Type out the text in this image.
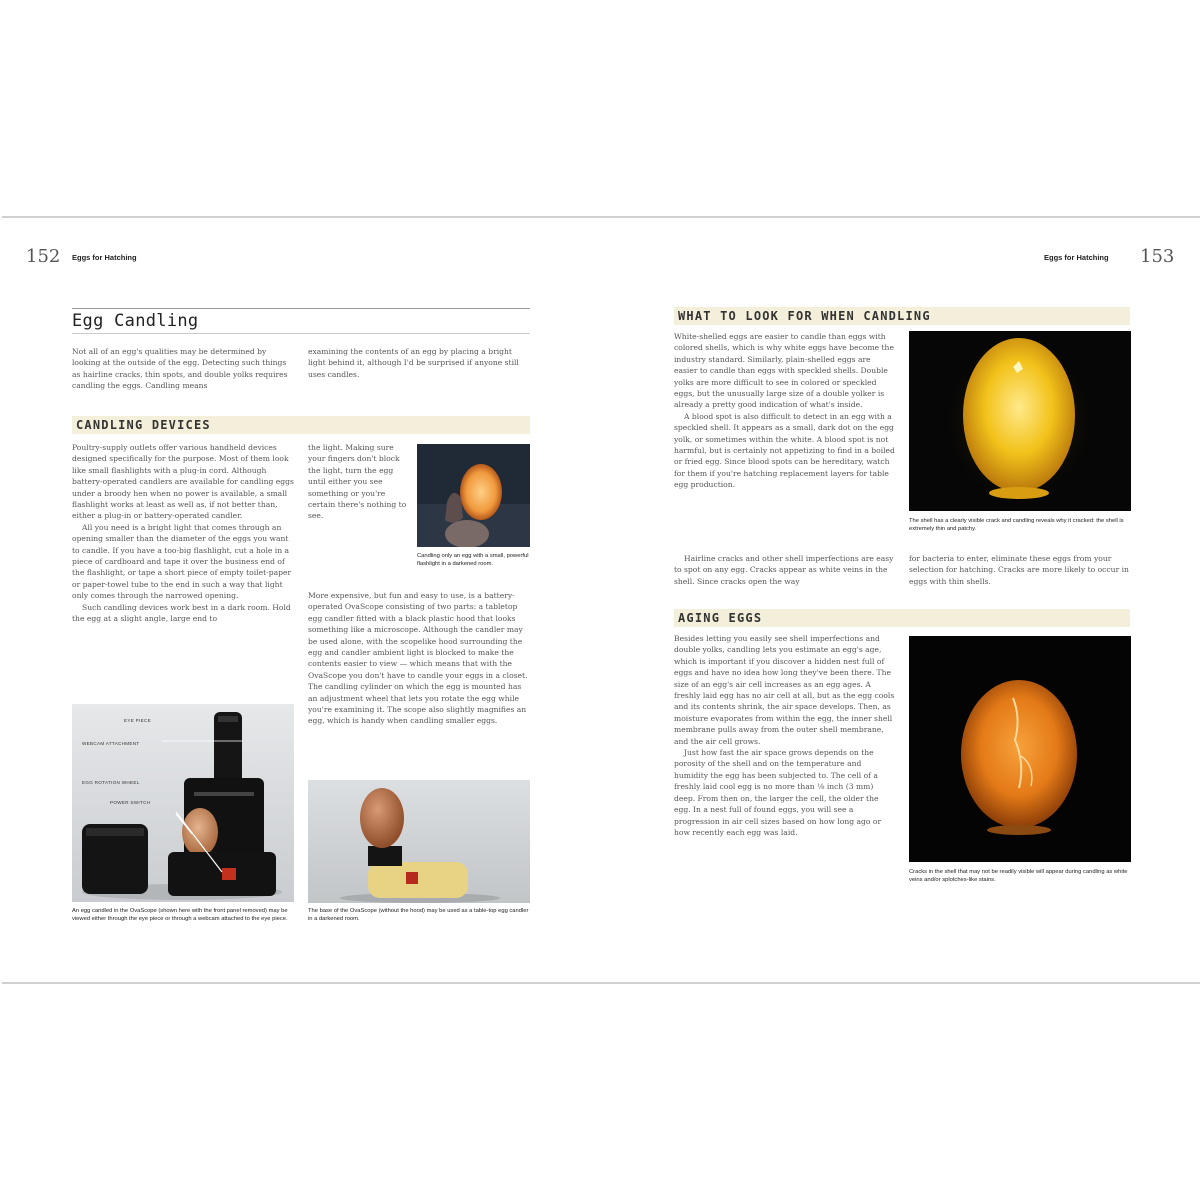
152 Eggs for Hatching
Egg Candling

Not all of an egg's qualities may be determined by looking at the outside of the egg. Detecting such things as hairline cracks, thin spots, and double yolks requires candling the eggs. Candling means

examining the contents of an egg by placing a bright light behind it, although I'd be surprised if anyone still uses candles.

CANDLING DEVICES

Poultry-supply outlets offer various handheld devices designed specifically for the purpose. Most of them look like small flashlights with a plug-in cord. Although battery-operated candlers are available for candling eggs under a broody hen when no power is available, a small flashlight works at least as well as, if not better than, either a plug-in or battery-operated candler.

All you need is a bright light that comes through an opening smaller than the diameter of the eggs you want to candle. If you have a too-big flashlight, cut a hole in a piece of cardboard and tape it over the business end of the flashlight, or tape a short piece of empty toilet-paper or paper-towel tube to the end in such a way that light only comes through the narrowed opening.

Such candling devices work best in a dark room. Hold the egg at a slight angle, large end to

the light. Making sure your fingers don't block the light, turn the egg until either you see something or you're certain there's nothing to see.

More expensive, but fun and easy to use, is a battery-operated OvaScope consisting of two parts: a tabletop egg candler fitted with a black plastic hood that looks something like a microscope. Although the candler may be used alone, with the scopelike hood surrounding the egg and candler ambient light is blocked to make the contents easier to view — which means that with the OvaScope you don't have to candle your eggs in a closet. The candling cylinder on which the egg is mounted has an adjustment wheel that lets you rotate the egg while you're examining it. The scope also slightly magnifies an egg, which is handy when candling smaller eggs.

Candling only an egg with a small, powerful flashlight in a darkened room.
EYE PIECE
WEBCAM ATTACHMENT
EGG ROTATION WHEEL
POWER SWITCH
An egg candled in the OvaScope (shown here with the front panel removed) may be viewed either through the eye piece or through a webcam attached to the eye piece.
The base of the OvaScope (without the hood) may be used as a table-top egg candler in a darkened room.
Eggs for Hatching 153
WHAT TO LOOK FOR WHEN CANDLING

White-shelled eggs are easier to candle than eggs with colored shells, which is why white eggs have become the industry standard. Similarly, plain-shelled eggs are easier to candle than eggs with speckled shells. Double yolks are more difficult to see in colored or speckled eggs, but the unusually large size of a double yolker is already a pretty good indication of what's inside.

A blood spot is also difficult to detect in an egg with a speckled shell. It appears as a small, dark dot on the egg yolk, or sometimes within the white. A blood spot is not harmful, but is certainly not appetizing to find in a boiled or fried egg. Since blood spots can be hereditary, watch for them if you're hatching replacement layers for table egg production.

Hairline cracks and other shell imperfections are easy to spot on any egg. Cracks appear as white veins in the shell. Since cracks open the way

for bacteria to enter, eliminate these eggs from your selection for hatching. Cracks are more likely to occur in eggs with thin shells.

The shell has a clearly visible crack and candling reveals why it cracked: the shell is extremely thin and patchy.
AGING EGGS

Besides letting you easily see shell imperfections and double yolks, candling lets you estimate an egg's age, which is important if you discover a hidden nest full of eggs and have no idea how long they've been there. The size of an egg's air cell increases as an egg ages. A freshly laid egg has no air cell at all, but as the egg cools and its contents shrink, the air space develops. Then, as moisture evaporates from within the egg, the inner shell membrane pulls away from the outer shell membrane, and the air cell grows.

Just how fast the air space grows depends on the porosity of the shell and on the temperature and humidity the egg has been subjected to. The cell of a freshly laid cool egg is no more than ⅛ inch (3 mm) deep. From then on, the larger the cell, the older the egg. In a nest full of found eggs, you will see a progression in air cell sizes based on how long ago or how recently each egg was laid.

Cracks in the shell that may not be readily visible will appear during candling as white veins and/or splotches-like stains.
